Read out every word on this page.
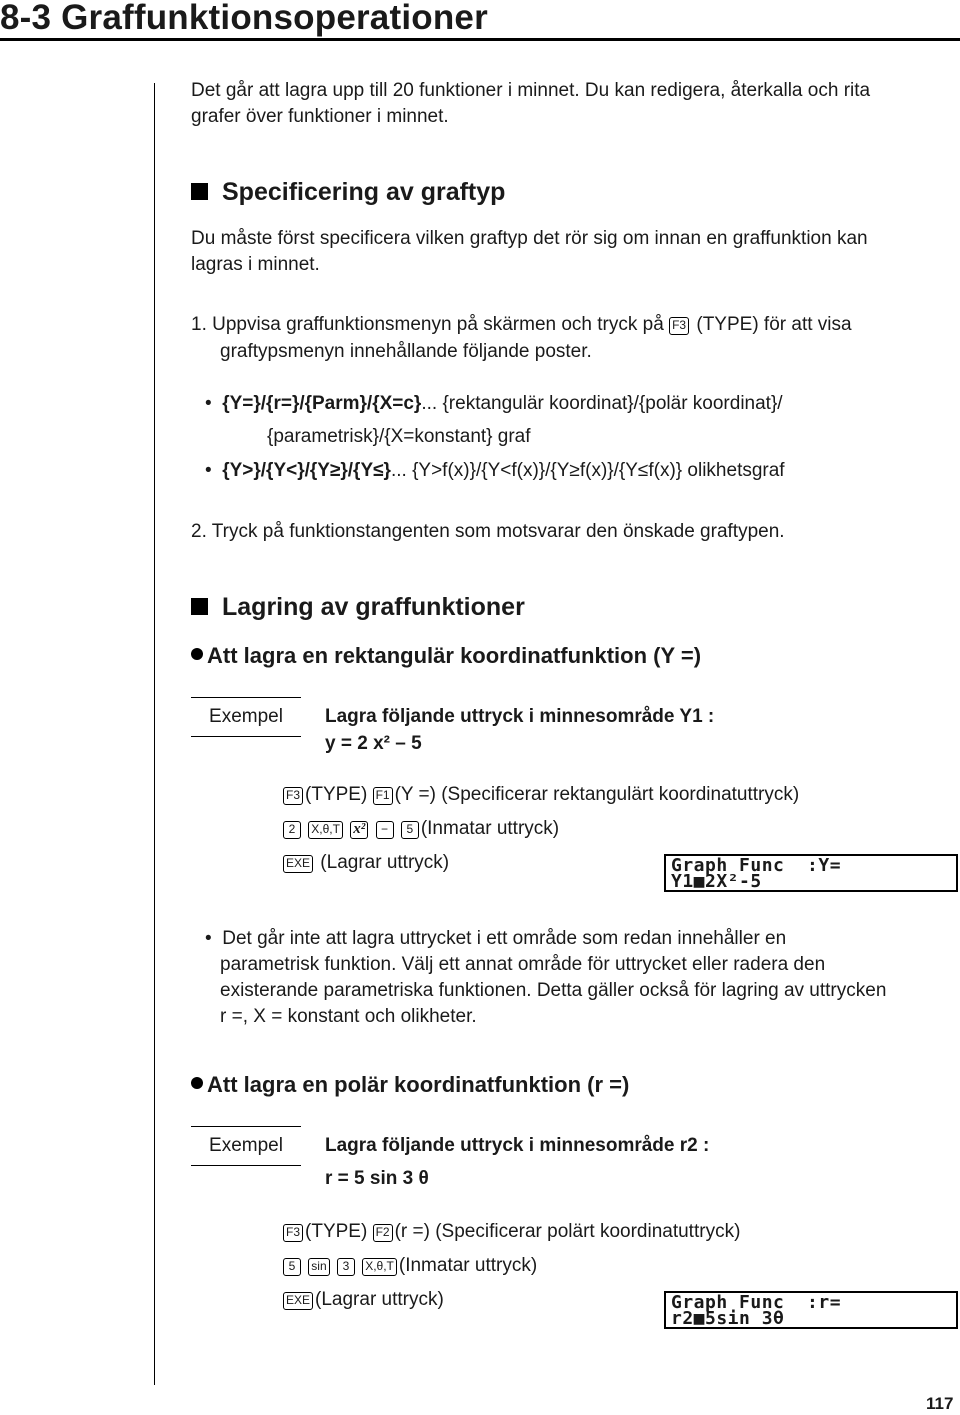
8-3 Graffunktionsoperationer
Det går att lagra upp till 20 funktioner i minnet. Du kan redigera, återkalla och rita
grafer över funktioner i minnet.
Specificering av graftyp
Du måste först specificera vilken graftyp det rör sig om innan en graffunktion kan
lagras i minnet.
1. Uppvisa graffunktionsmenyn på skärmen och tryck på F3 (TYPE) för att visa
graftypsmenyn innehållande följande poster.
• {Y=}/{r=}/{Parm}/{X=c}... {rektangulär koordinat}/{polär koordinat}/
{parametrisk}/{X=konstant} graf
• {Y>}/{Y<}/{Y≥}/{Y≤}... {Y>f(x)}/{Y<f(x)}/{Y≥f(x)}/{Y≤f(x)} olikhetsgraf
2. Tryck på funktionstangenten som motsvarar den önskade graftypen.
Lagring av graffunktioner
Att lagra en rektangulär koordinatfunktion (Y =)
Exempel	Lagra följande uttryck i minnesområde Y1 :
y = 2 x² – 5
F3 (TYPE) F1 (Y =) (Specificerar rektangulärt koordinatuttryck)
2 X,θ,T x² − 5 (Inmatar uttryck)
EXE (Lagrar uttryck)	Graph Func  :Y=
Y1■2X²-5
• Det går inte att lagra uttrycket i ett område som redan innehåller en
parametrisk funktion. Välj ett annat område för uttrycket eller radera den
existerande parametriska funktionen. Detta gäller också för lagring av uttrycken
r =, X = konstant och olikheter.
Att lagra en polär koordinatfunktion (r =)
Exempel	Lagra följande uttryck i minnesområde r2 :
r = 5 sin 3 θ
F3 (TYPE) F2 (r =) (Specificerar polärt koordinatuttryck)
5 sin 3 X,θ,T (Inmatar uttryck)
EXE (Lagrar uttryck)	Graph Func  :r=
r2■5sin 3θ
117
